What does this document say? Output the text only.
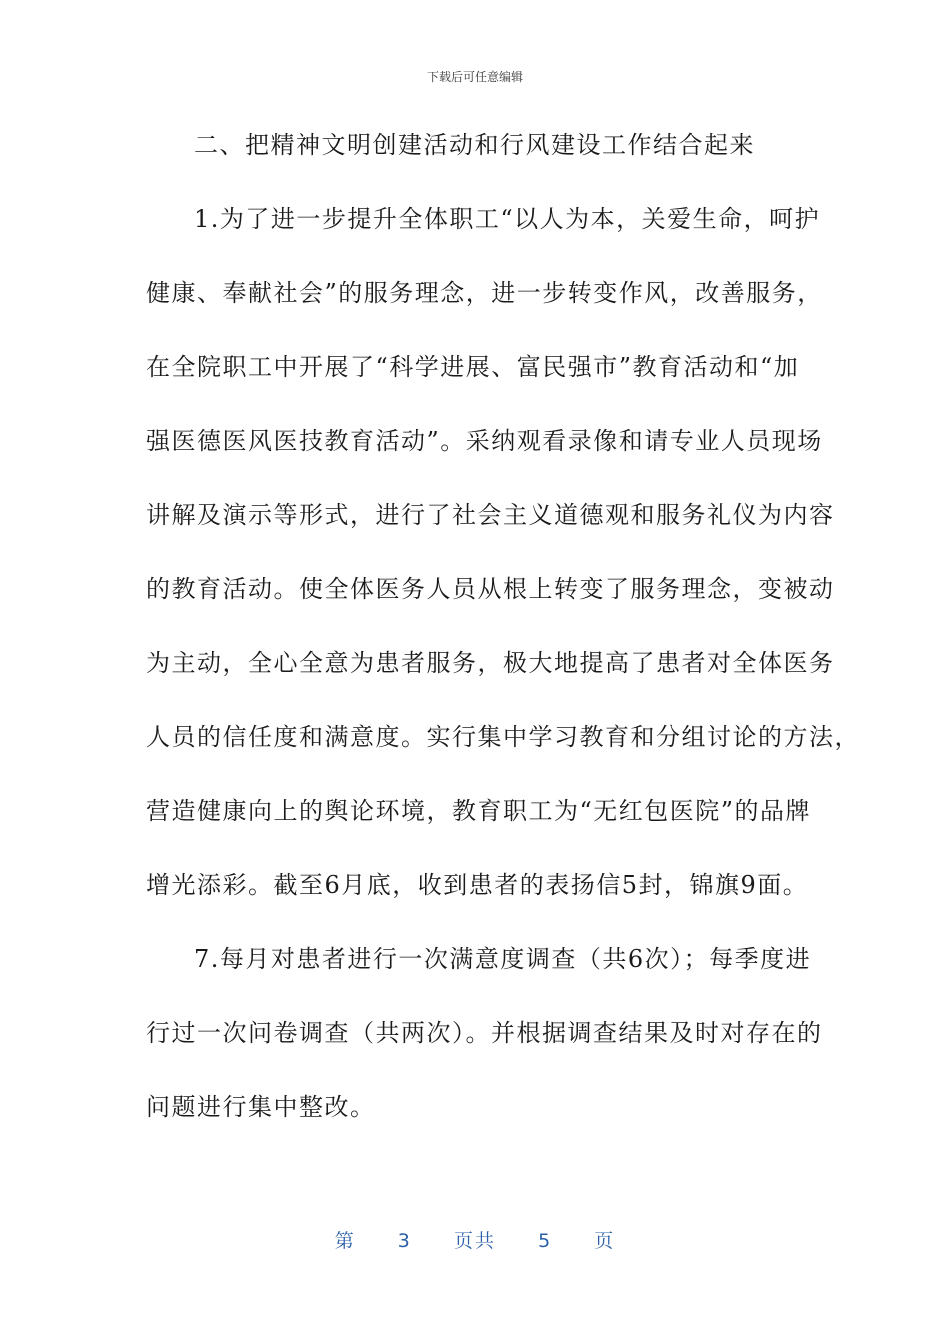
下载后可任意编辑
二、把精神文明创建活动和行风建设工作结合起来
1.为了进一步提升全体职工“以人为本，关爱生命，呵护
健康、奉献社会”的服务理念，进一步转变作风，改善服务，
在全院职工中开展了“科学进展、富民强市”教育活动和“加
强医德医风医技教育活动”。采纳观看录像和请专业人员现场
讲解及演示等形式，进行了社会主义道德观和服务礼仪为内容
的教育活动。使全体医务人员从根上转变了服务理念，变被动
为主动，全心全意为患者服务，极大地提高了患者对全体医务
人员的信任度和满意度。实行集中学习教育和分组讨论的方法，
营造健康向上的舆论环境，教育职工为“无红包医院”的品牌
增光添彩。截至6月底，收到患者的表扬信5封，锦旗9面。
7.每月对患者进行一次满意度调查（共6次）；每季度进
行过一次问卷调查（共两次）。并根据调查结果及时对存在的
问题进行集中整改。
第 3 页共 5 页
